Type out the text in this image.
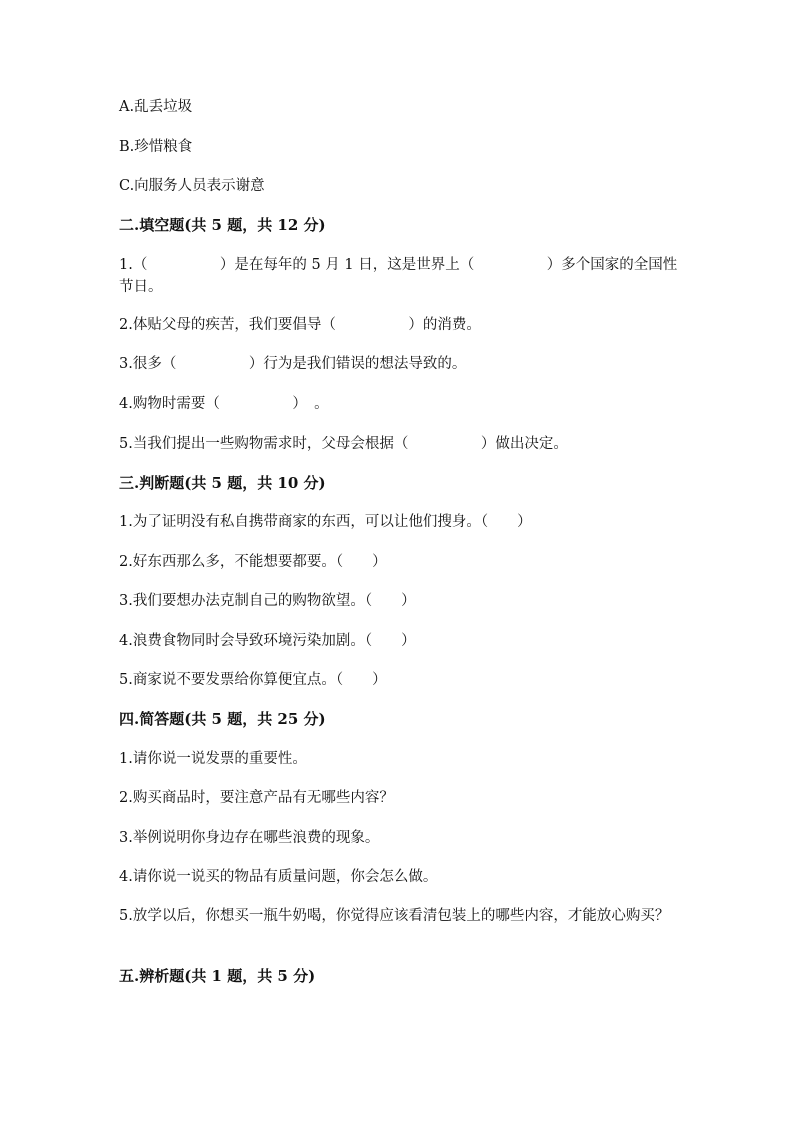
A.乱丢垃圾
B.珍惜粮食
C.向服务人员表示谢意
二.填空题(共 5 题，共 12 分)
1.（　　　　　）是在每年的 5 月 1 日，这是世界上（　　　　　）多个国家的全国性节日。
2.体贴父母的疾苦，我们要倡导（　　　　　）的消费。
3.很多（　　　　　）行为是我们错误的想法导致的。
4.购物时需要（　　　　　）　。
5.当我们提出一些购物需求时，父母会根据（　　　　　）做出决定。
三.判断题(共 5 题，共 10 分)
1.为了证明没有私自携带商家的东西，可以让他们搜身。（　　）
2.好东西那么多，不能想要都要。（　　）
3.我们要想办法克制自己的购物欲望。（　　）
4.浪费食物同时会导致环境污染加剧。（　　）
5.商家说不要发票给你算便宜点。（　　）
四.简答题(共 5 题，共 25 分)
1.请你说一说发票的重要性。
2.购买商品时，要注意产品有无哪些内容？
3.举例说明你身边存在哪些浪费的现象。
4.请你说一说买的物品有质量问题，你会怎么做。
5.放学以后，你想买一瓶牛奶喝，你觉得应该看清包装上的哪些内容，才能放心购买？
五.辨析题(共 1 题，共 5 分)
